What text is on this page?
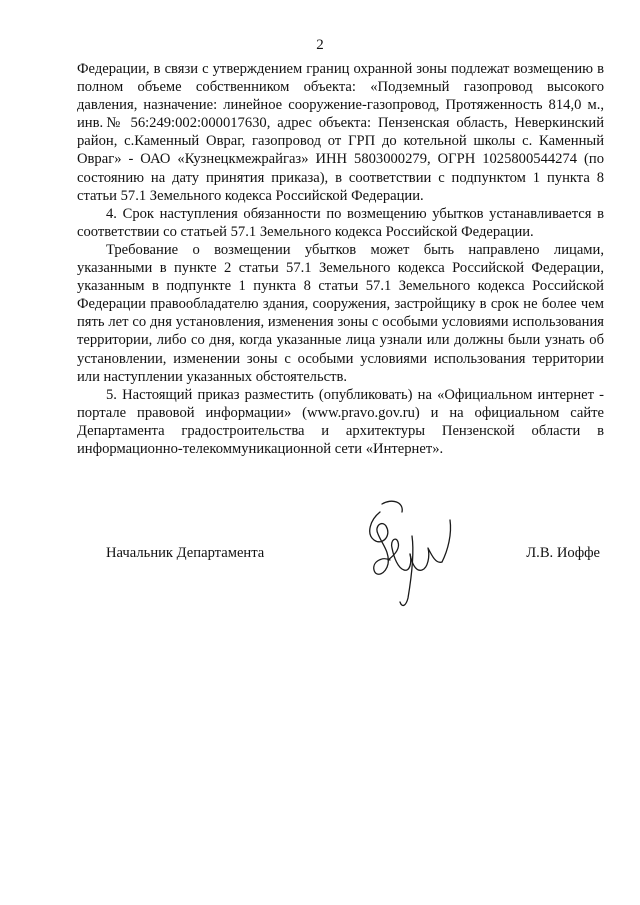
2

Федерации, в связи с утверждением границ охранной зоны подлежат возмещению в полном объеме собственником объекта: «Подземный газопровод высокого давления, назначение: линейное сооружение-газопровод, Протяженность 814,0 м., инв.№ 56:249:002:000017630, адрес объекта: Пензенская область, Неверкинский район, с.Каменный Овраг, газопровод от ГРП до котельной школы с. Каменный Овраг» - ОАО «Кузнецкмежрайгаз» ИНН 5803000279, ОГРН 1025800544274 (по состоянию на дату принятия приказа), в соответствии с подпунктом 1 пункта 8 статьи 57.1 Земельного кодекса Российской Федерации.

4. Срок наступления обязанности по возмещению убытков устанавливается в соответствии со статьей 57.1 Земельного кодекса Российской Федерации.

Требование о возмещении убытков может быть направлено лицами, указанными в пункте 2 статьи 57.1 Земельного кодекса Российской Федерации, указанным в подпункте 1 пункта 8 статьи 57.1 Земельного кодекса Российской Федерации правообладателю здания, сооружения, застройщику в срок не более чем пять лет со дня установления, изменения зоны с особыми условиями использования территории, либо со дня, когда указанные лица узнали или должны были узнать об установлении, изменении зоны с особыми условиями использования территории или наступлении указанных обстоятельств.

5. Настоящий приказ разместить (опубликовать) на «Официальном интернет - портале правовой информации» (www.pravo.gov.ru) и на официальном сайте Департамента градостроительства и архитектуры Пензенской области в информационно-телекоммуникационной сети «Интернет».

Начальник Департамента	Л.В. Иоффе
